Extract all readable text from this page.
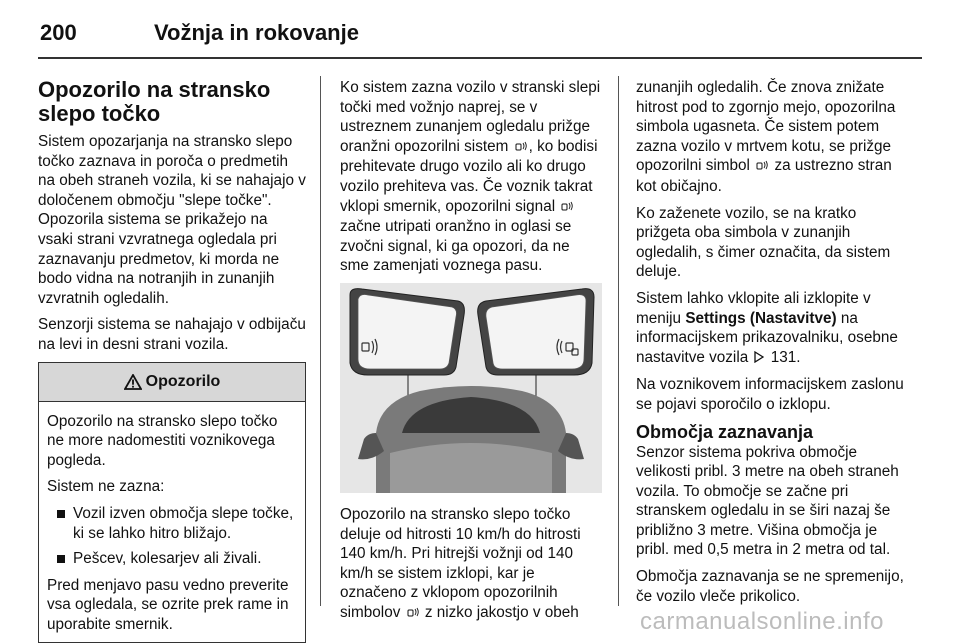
200	Vožnja in rokovanje
Opozorilo na stransko slepo točko

Sistem opozarjanja na stransko slepo točko zaznava in poroča o predmetih na obeh straneh vozila, ki se nahajajo v določenem območju "slepe točke". Opozorila sistema se prikažejo na vsaki strani vzvratnega ogledala pri zaznavanju predmetov, ki morda ne bodo vidna na notranjih in zunanjih vzvratnih ogledalih.

Senzorji sistema se nahajajo v odbijaču na levi in desni strani vozila.

Opozorilo

Opozorilo na stransko slepo točko ne more nadomestiti voznikovega pogleda.

Sistem ne zazna:

Vozil izven območja slepe točke, ki se lahko hitro bližajo.
Pešcev, kolesarjev ali živali.

Pred menjavo pasu vedno preverite vsa ogledala, se ozrite prek rame in uporabite smernik.

Ko sistem zazna vozilo v stranski slepi točki med vožnjo naprej, se v ustreznem zunanjem ogledalu prižge oranžni opozorilni sistem , ko bodisi prehitevate drugo vozilo ali ko drugo vozilo prehiteva vas. Če voznik takrat vklopi smernik, opozorilni signal  začne utripati oranžno in oglasi se zvočni signal, ki ga opozori, da ne sme zamenjati voznega pasu.

Opozorilo na stransko slepo točko deluje od hitrosti 10 km/h do hitrosti 140 km/h. Pri hitrejši vožnji od 140 km/h se sistem izklopi, kar je označeno z vklopom opozorilnih simbolov z nizko jakostjo v obeh

zunanjih ogledalih. Če znova znižate hitrost pod to zgornjo mejo, opozorilna simbola ugasneta. Če sistem potem zazna vozilo v mrtvem kotu, se prižge opozorilni simbol za ustrezno stran kot običajno.

Ko zaženete vozilo, se na kratko prižgeta oba simbola v zunanjih ogledalih, s čimer označita, da sistem deluje.

Sistem lahko vklopite ali izklopite v meniju Settings (Nastavitve) na informacijskem prikazovalniku, osebne nastavitve vozila 131.

Na voznikovem informacijskem zaslonu se pojavi sporočilo o izklopu.

Območja zaznavanja

Senzor sistema pokriva območje velikosti pribl. 3 metre na obeh straneh vozila. To območje se začne pri stranskem ogledalu in se širi nazaj še približno 3 metre. Višina območja je pribl. med 0,5 metra in 2 metra od tal.

Območja zaznavanja se ne spremenijo, če vozilo vleče prikolico.

carmanualsonline.info
